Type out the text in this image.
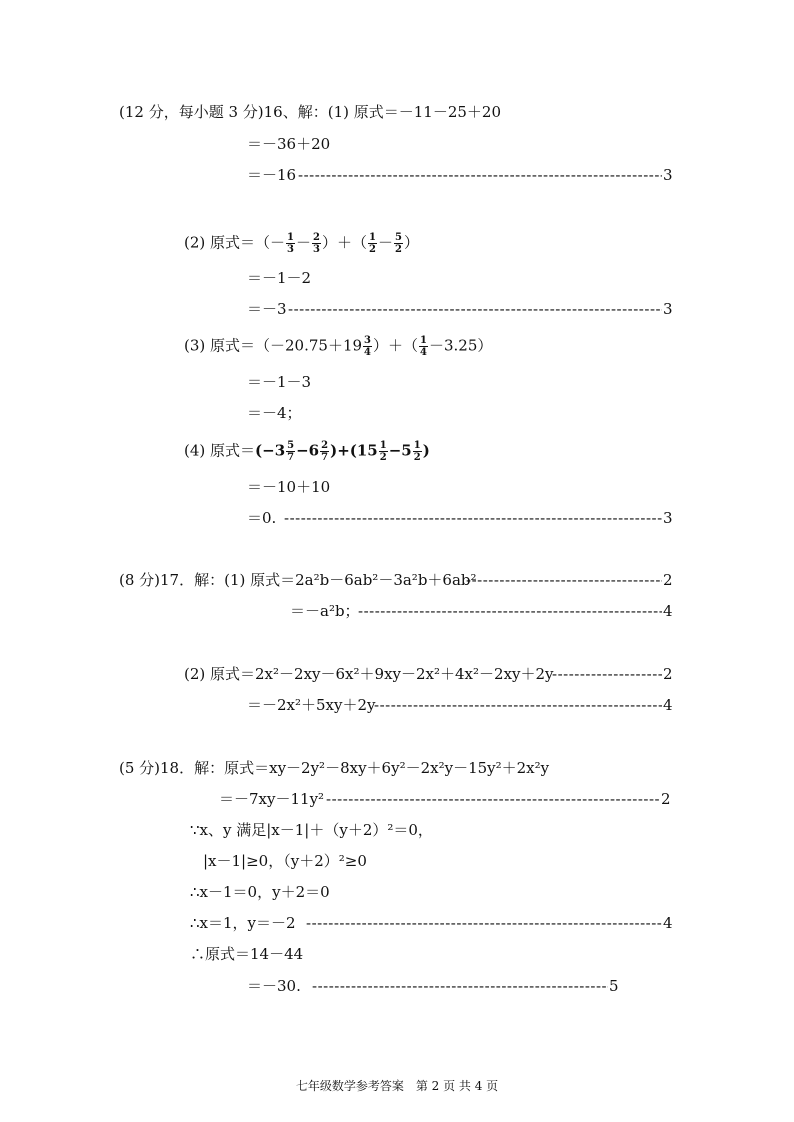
(12 分，每小题 3 分)16、解：(1) 原式＝－11－25＋20
＝－36＋20
＝－16 -----	3
(2) 原式＝（－ $\frac{1}{3} - \frac{2}{3}$ ）＋（ $\frac{1}{2} - \frac{5}{2}$ ）
＝－1－2
＝－3 -----	3
(3) 原式$=(-20.75+19 \frac{3}{4}$ ）＋（ $\frac{1}{4} -3.25$）
＝－1－3
＝－4；
(4) 原式$=(-3 \frac{5}{7} -6 \frac{2}{7} )+(15 \frac{1}{2} -5 \frac{1}{2}$ )
＝－10＋10
＝0. -----	3
(8 分)17．解：(1) 原式＝2a²b－6ab²－3a²b＋6ab² -----	2
＝－a²b； -----	4
(2) 原式＝2x²－2xy－6x²＋9xy－2x²＋4x²－2xy＋2y -----	2
＝－2x²＋5xy＋2y -----	4
(5 分)18．解：原式＝xy－2y²－8xy＋6y²－2x²y－15y²＋2x²y
＝－7xy－11y² -----	2
∵x、y 满足|x－1|＋（y＋2）²＝0，
|x－1|≥0，（y＋2）²≥0
∴x－1＝0，y＋2＝0
∴x＝1，y＝－2 -----	4
∴原式＝14－44
＝－30. -----	5
七年级数学参考答案　第 2 页 共 4 页
